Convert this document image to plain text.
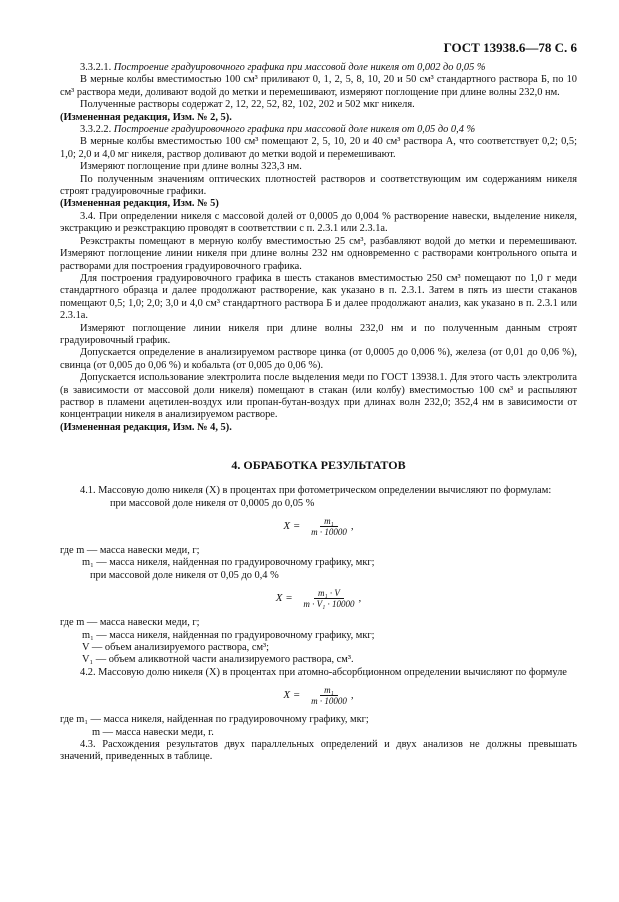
ГОСТ 13938.6—78 С. 6

3.3.2.1. Построение градуировочного графика при массовой доле никеля от 0,002 до 0,05 %

В мерные колбы вместимостью 100 см³ приливают 0, 1, 2, 5, 8, 10, 20 и 50 см³ стандартного раствора Б, по 10 см³ раствора меди, доливают водой до метки и перемешивают, измеряют поглощение при длине волны 232,0 нм.

Полученные растворы содержат 2, 12, 22, 52, 82, 102, 202 и 502 мкг никеля.

(Измененная редакция, Изм. № 2, 5).

3.3.2.2. Построение градуировочного графика при массовой доле никеля от 0,05 до 0,4 %

В мерные колбы вместимостью 100 см³ помещают 2, 5, 10, 20 и 40 см³ раствора А, что соответствует 0,2; 0,5; 1,0; 2,0 и 4,0 мг никеля, раствор доливают до метки водой и перемешивают.

Измеряют поглощение при длине волны 323,3 нм.

По полученным значениям оптических плотностей растворов и соответствующим им содержаниям никеля строят градуировочные графики.

(Измененная редакция, Изм. № 5)

3.4. При определении никеля с массовой долей от 0,0005 до 0,004 % растворение навески, выделение никеля, экстракцию и реэкстракцию проводят в соответствии с п. 2.3.1 или 2.3.1а.

Реэкстракты помещают в мерную колбу вместимостью 25 см³, разбавляют водой до метки и перемешивают. Измеряют поглощение линии никеля при длине волны 232 нм одновременно с растворами контрольного опыта и растворами для построения градуировочного графика.

Для построения градуировочного графика в шесть стаканов вместимостью 250 см³ помещают по 1,0 г меди стандартного образца и далее продолжают растворение, как указано в п. 2.3.1. Затем в пять из шести стаканов помещают 0,5; 1,0; 2,0; 3,0 и 4,0 см³ стандартного раствора Б и далее продолжают анализ, как указано в п. 2.3.1 или 2.3.1а.

Измеряют поглощение линии никеля при длине волны 232,0 нм и по полученным данным строят градуировочный график.

Допускается определение в анализируемом растворе цинка (от 0,0005 до 0,006 %), железа (от 0,01 до 0,06 %), свинца (от 0,005 до 0,06 %) и кобальта (от 0,005 до 0,06 %).

Допускается использование электролита после выделения меди по ГОСТ 13938.1. Для этого часть электролита (в зависимости от массовой доли никеля) помещают в стакан (или колбу) вместимостью 100 см³ и распыляют раствор в пламени ацетилен-воздух или пропан-бутан-воздух при длинах волн 232,0; 352,4 нм в зависимости от концентрации никеля в анализируемом растворе.

(Измененная редакция, Изм. № 4, 5).

4. ОБРАБОТКА РЕЗУЛЬТАТОВ

4.1. Массовую долю никеля (X) в процентах при фотометрическом определении вычисляют по формулам:

при массовой доле никеля от 0,0005 до 0,05 %

$X = \frac{\text{m₁}}{m \cdot 10000}$ ,

где m — масса навески меди, г;

m₁ — масса никеля, найденная по градуировочному графику, мкг;

при массовой доле никеля от 0,05 до 0,4 %

$X = \frac{\text{m₁ · V}}{\text{m · V₁ · 10000}}$ ,

где m — масса навески меди, г;

m₁ — масса никеля, найденная по градуировочному графику, мкг;

V — объем анализируемого раствора, см³;

V₁ — объем аликвотной части анализируемого раствора, см³.

4.2. Массовую долю никеля (X) в процентах при атомно-абсорбционном определении вычисляют по формуле

$X = \frac{\text{m₁}}{m \cdot 10000}$ ,

где m₁ — масса никеля, найденная по градуировочному графику, мкг;

m — масса навески меди, г.

4.3. Расхождения результатов двух параллельных определений и двух анализов не должны превышать значений, приведенных в таблице.
